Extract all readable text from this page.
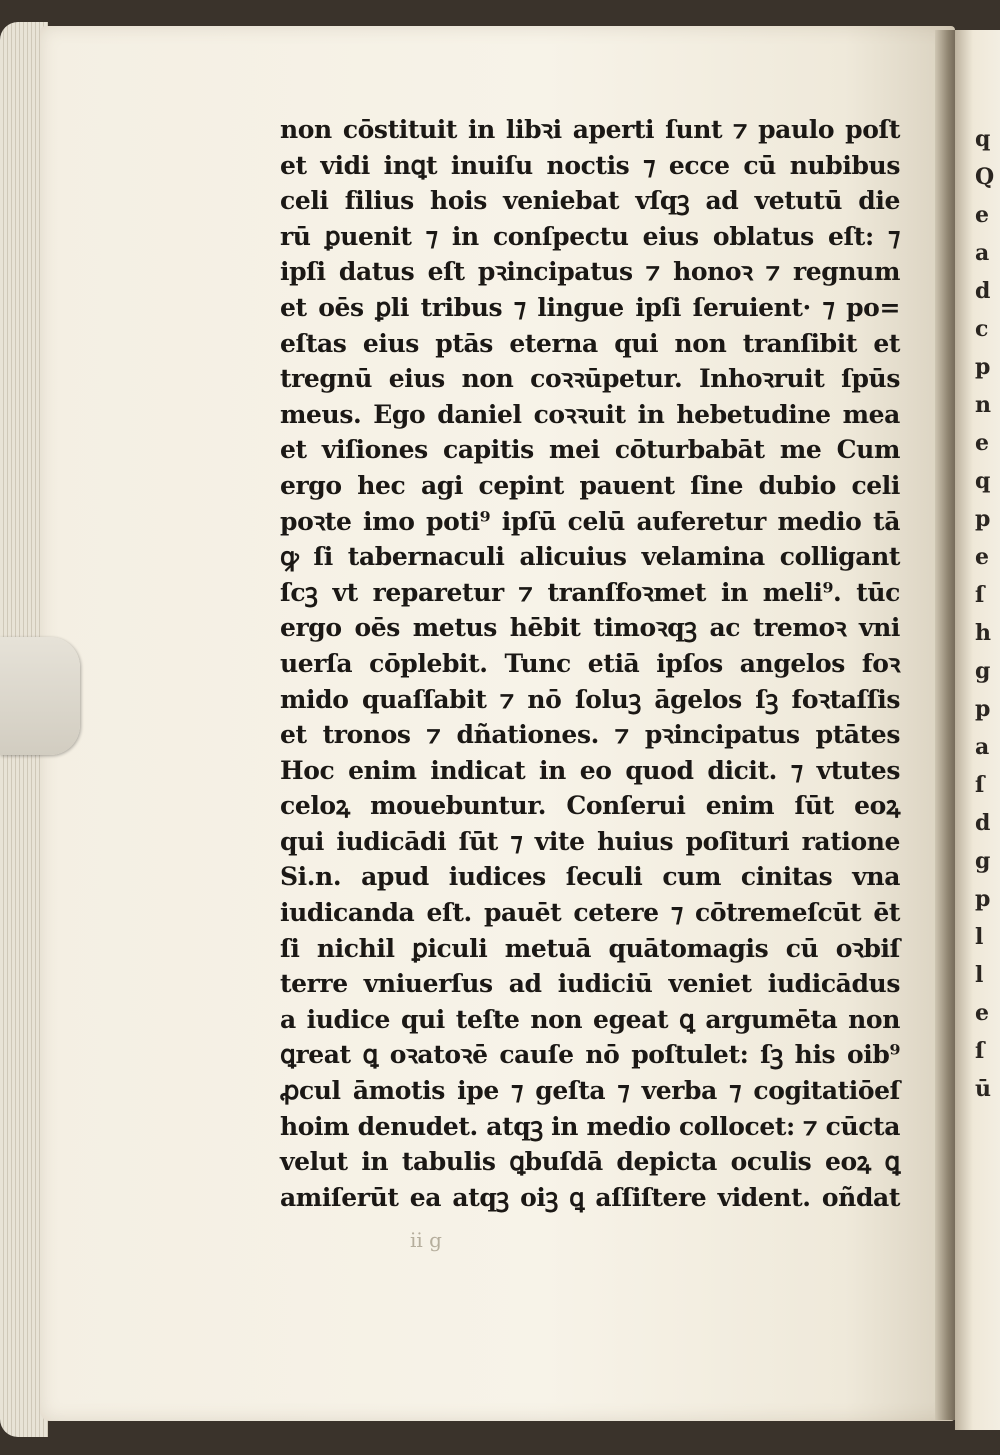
q
Q
e
a
d
c
p
n
e
q
p
e
ſ
h
g
p
a
ſ
d
g
p
l
l
e
ſ
ū
non cōstituit in libꝛi aperti ſunt ⁊ paulo poſt
et vidi inꝗt inuiſu noctis ⁊ ecce cū nubibus
celi filius hois veniebat vſqꝫ ad vetutū die
rū ꝑuenit ⁊ in conſpectu eius oblatus eſt: ⁊
ipſi datus eſt pꝛincipatus ⁊ honoꝛ ⁊ regnum
et oēs ꝑli tribus ⁊ lingue ipſi ſeruient· ⁊ po=
eſtas eius ptās eterna qui non tranſibit et
tregnū eius non coꝛꝛūpetur. Inhoꝛruit ſpūs
meus. Ego daniel coꝛꝛuit in hebetudine mea
et viſiones capitis mei cōturbabāt me Cum
ergo hec agi cepint pauent ſine dubio celi
poꝛte imo poti⁹ ipſū celū auferetur medio tā
ꝙ ſi tabernaculi alicuius velamina colligant
ſcꝫ vt reparetur ⁊ tranſfoꝛmet in meli⁹. tūc
ergo oēs metus hēbit timoꝛqꝫ ac tremoꝛ vni
uerſa cōplebit. Tunc etiā ipſos angelos foꝛ
mido quaſſabit ⁊ nō ſoluꝫ āgelos ſꝫ foꝛtaſſis
et tronos ⁊ dñationes. ⁊ pꝛincipatus ptātes
Hoc enim indicat in eo quod dicit. ⁊ vtutes
celoꝝ mouebuntur. Conſerui enim ſūt eoꝝ
qui iudicādi ſūt ⁊ vite huius poſituri ratione
Si.n. apud iudices ſeculi cum cinitas vna
iudicanda eſt. pauēt cetere ⁊ cōtremeſcūt ēt
ſi nichil ꝑiculi metuā quātomagis cū oꝛbiſ
terre vniuerſus ad iudiciū veniet iudicādus
a iudice qui teſte non egeat ꝗ argumēta non
ꝗreat ꝗ oꝛatoꝛē cauſe nō poſtulet: ſꝫ his oib⁹
ꝓcul āmotis ipe ⁊ geſta ⁊ verba ⁊ cogitatiōeſ
hoim denudet. atqꝫ in medio collocet: ⁊ cūcta
velut in tabulis ꝗbuſdā depicta oculis eoꝝ ꝗ
amiſerūt ea atqꝫ oiꝫ ꝗ aſſiſtere vident. oñdat
ii g
